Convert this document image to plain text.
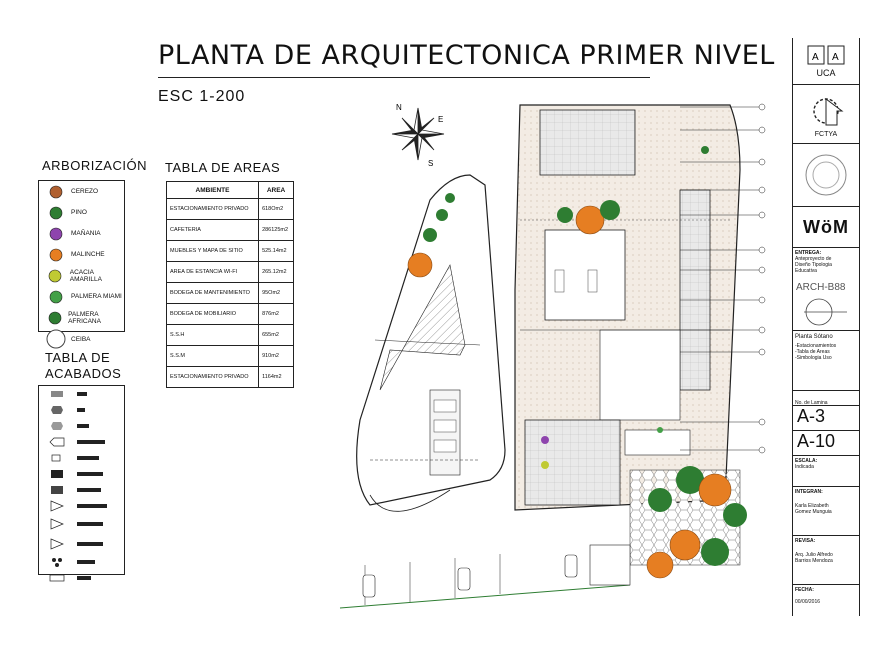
PLANTA DE ARQUITECTONICA PRIMER NIVEL
ESC 1-200
N
E
S
ARBORIZACIÓN
CEREZO
PINO
MAÑANIA
MALINCHE
ACACIA AMARILLA
PALMERA MIAMI
PALMERA AFRICANA
CEIBA
TABLA DE
ACABADOS
TABLA DE AREAS
AMBIENTE	AREA
ESTACIONAMIENTO PRIVADO	618Om2
CAFETERIA	286125m2
MUEBLES Y MAPA DE SITIO	525.14m2
AREA DE ESTANCIA WI-FI	265.12m2
BODEGA DE MANTENIMIENTO	95Om2
BODEGA DE MOBILIARIO	876m2
S.S.H	655m2
S.S.M	910m2
ESTACIONAMIENTO PRIVADO	1164m2
A A
UCA
FCTYA
WöM
ENTREGA:
Anteproyecto de
Diseño Tipologia
Educativa
ARCH-B88
Planta Sótano
-Estacionamientos
-Tabla de Areas
-Simbologia Uso
No. de Lamina
A-3
A-10
ESCALA:
Indicada
INTEGRAN:
Karla Elizabeth
Gomez Munguia
REVISA:
Arq. Julio Alfredo
Barrios Mendoza
FECHA:
00/00/2016
